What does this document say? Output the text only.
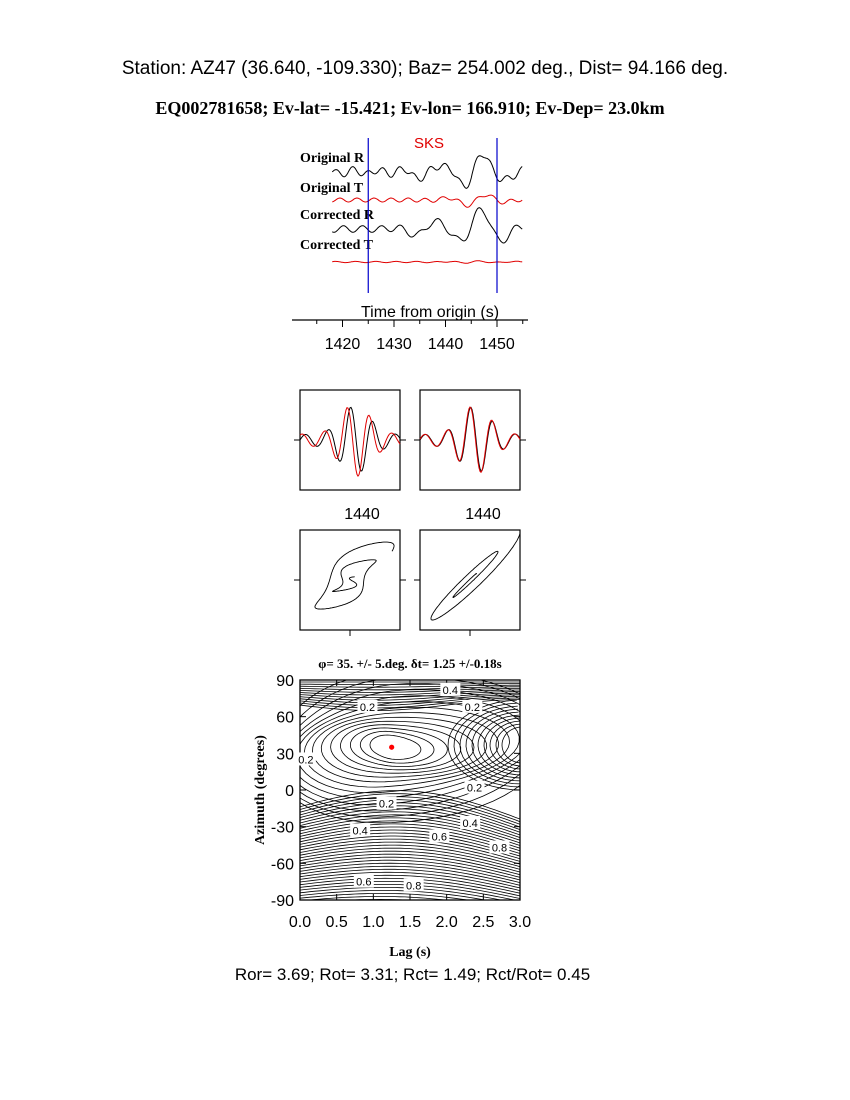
Station: AZ47 (36.640, -109.330); Baz= 254.002 deg., Dist= 94.166 deg.
EQ002781658; Ev-lat= -15.421; Ev-lon= 166.910; Ev-Dep= 23.0km
SKS
Original R
Original T
Corrected R
Corrected T
Time from origin (s)
1420 1430 1440 1450
1440	1440
φ= 35. +/- 5.deg. δt= 1.25 +/-0.18s
0.0 0.5 1.0 1.5 2.0 2.5 3.0
90
60
30
0
-30
-60
-90
0.4
0.2	0.2
0.2
0.2
0.2
0.4
0.6
0.4
0.8
0.6	0.8
Lag (s)
Azimuth (degrees)
Ror= 3.69; Rot= 3.31; Rct= 1.49; Rct/Rot= 0.45
